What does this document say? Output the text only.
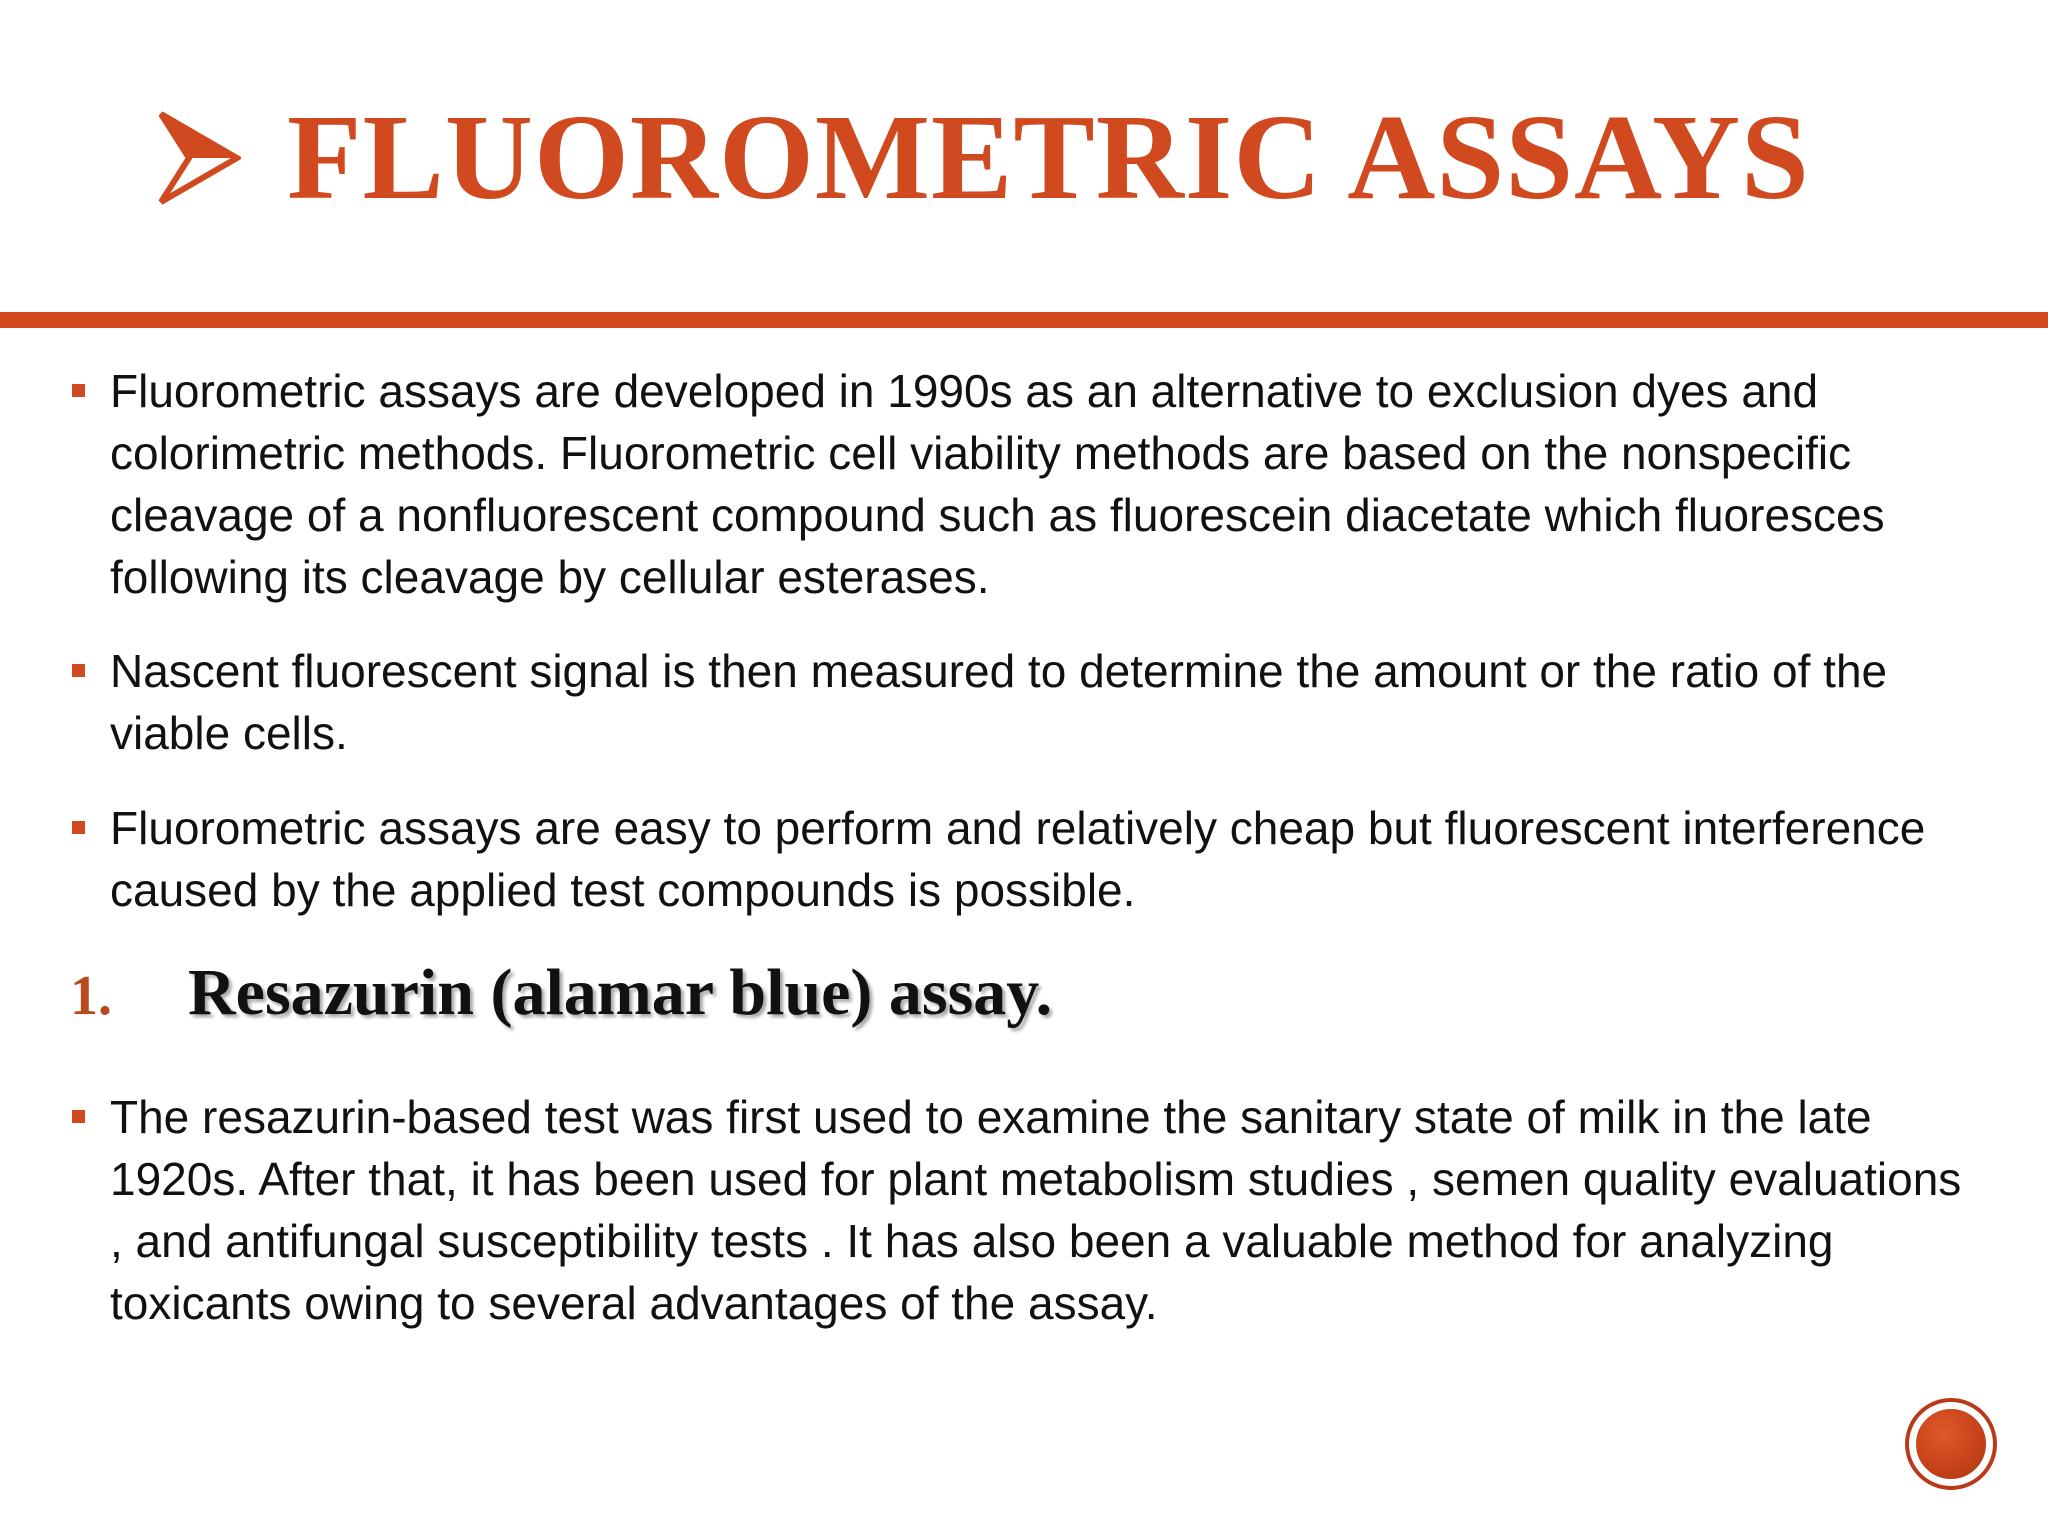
FLUOROMETRIC ASSAYS
Fluorometric assays are developed in 1990s as an alternative to exclusion dyes and colorimetric methods. Fluorometric cell viability methods are based on the nonspecific cleavage of a nonfluorescent compound such as fluorescein diacetate which fluoresces following its cleavage by cellular esterases.
Nascent fluorescent signal is then measured to determine the amount or the ratio of the viable cells.
Fluorometric assays are easy to perform and relatively cheap but fluorescent interference caused by the applied test compounds is possible.
1.	Resazurin (alamar blue) assay.
The resazurin-based test was first used to examine the sanitary state of milk in the late 1920s. After that, it has been used for plant metabolism studies , semen quality evaluations , and antifungal susceptibility tests . It has also been a valuable method for analyzing toxicants owing to several advantages of the assay.
